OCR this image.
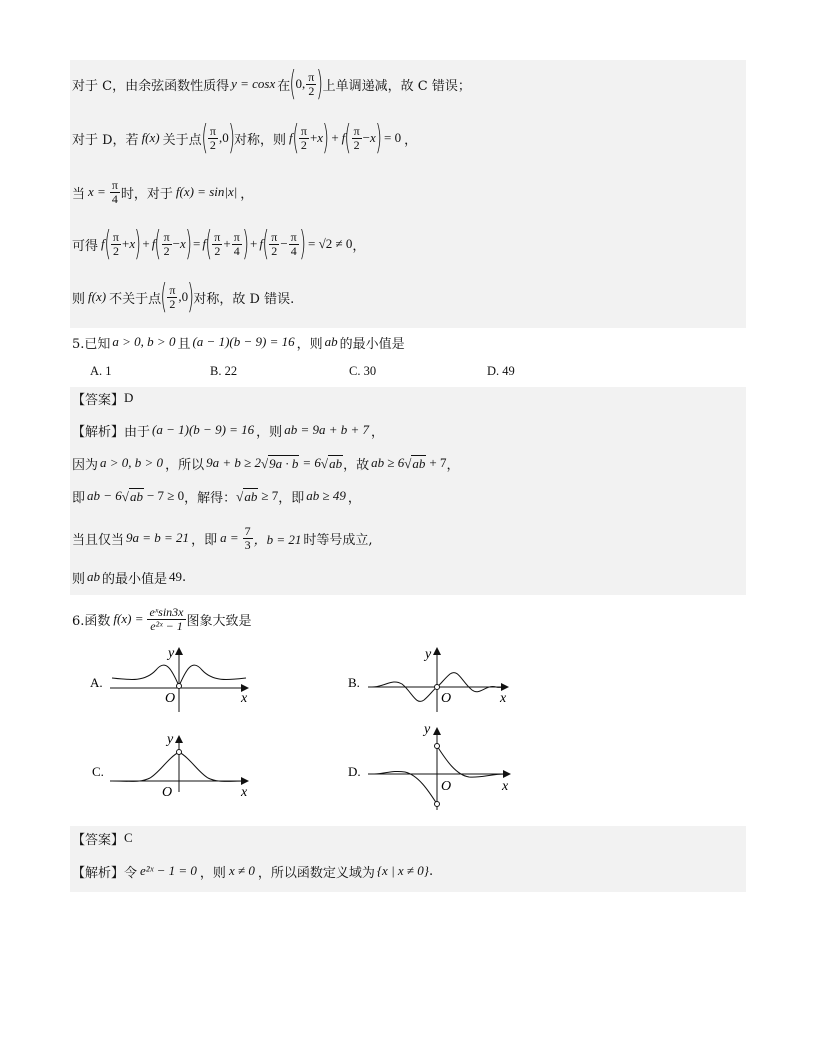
对于 C，由余弦函数性质得 y = cosx 在 ( 0, $\frac{\pi}{2}$ ) 上单调递减，故 C 错误；
对于 D，若 f(x) 关于点 ( $\frac{\pi}{2} ,0$ ) 对称，则 f ( $\frac{\pi}{2} + x$ ) + f ( $\frac{\pi}{2} - x$ ) = 0 ，
当 $x = \frac{\pi}{4}$ 时，对于 f(x) = sin|x| ，
可得 f ( $\frac{\pi}{2} + x$ ) + f ( $\frac{\pi}{2} - x$ ) = f ( $\frac{\pi}{2} + \frac{\pi}{4}$ ) + f ( $\frac{\pi}{2} - \frac{\pi}{4}$ ) = √2 ≠ 0 ，
则 f(x) 不关于点 ( $\frac{\pi}{2} ,0$ ) 对称，故 D 错误.
5.已知 a > 0, b > 0 且 (a − 1)(b − 9) = 16 ，则 ab 的最小值是
A. 1	B. 22	C. 30	D. 49
【答案】 D
【解析】 由于 (a − 1)(b − 9) = 16 ，则 ab = 9a + b + 7 ，
因为 a > 0, b > 0 ，所以 9a + b ≥ 2 √ 9a · b = 6 √ ab ，故 ab ≥ 6 √ ab + 7 ，
即 ab − 6 √ ab − 7 ≥ 0 ，解得： √ ab ≥ 7 ，即 ab ≥ 49 ，
当且仅当 9a = b = 21 ，即 $a = \frac{7}{3}$ ，b = 21 时等号成立,
则 ab 的最小值是 49 .
6.函数 $f(x) = \frac{\text{eˣsin3x}}{\text{e²ˣ − 1}}$ 图象大致是
A.
O	x
y
B.
O	x
y
C.
O	x
y
D.
O	x
y
【答案】 C
【解析】 令 e²ˣ − 1 = 0 ，则 x ≠ 0 ，所以函数定义域为 {x | x ≠ 0} .
